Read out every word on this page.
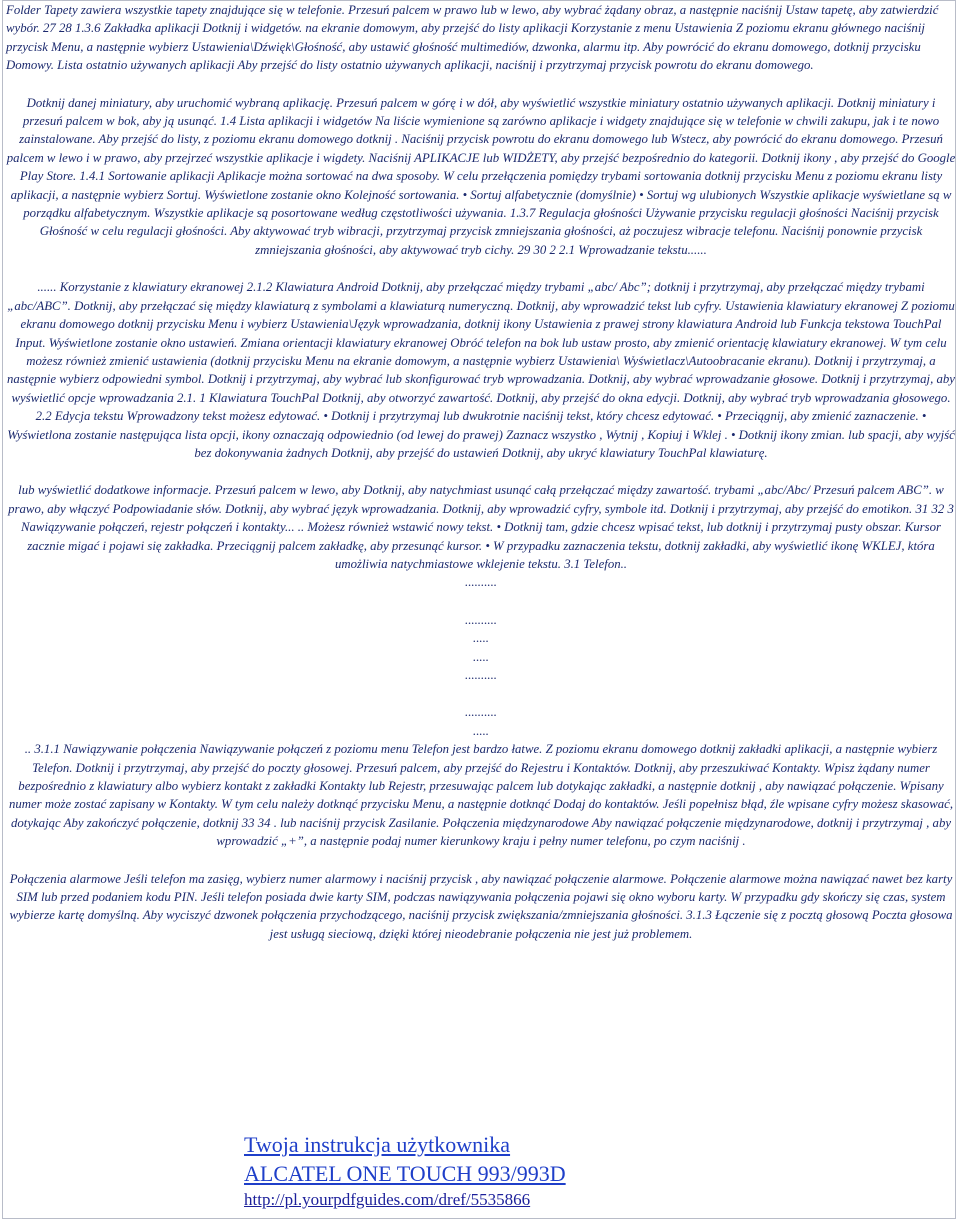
Folder Tapety zawiera wszystkie tapety znajdujące się w telefonie. Przesuń palcem w prawo lub w lewo, aby wybrać żądany obraz, a następnie naciśnij Ustaw tapetę, aby zatwierdzić wybór. 27 28 1.3.6 Zakładka aplikacji Dotknij i widgetów. na ekranie domowym, aby przejść do listy aplikacji Korzystanie z menu Ustawienia Z poziomu ekranu głównego naciśnij przycisk Menu, a następnie wybierz Ustawienia\Dźwięk\Głośność, aby ustawić głośność multimediów, dzwonka, alarmu itp. Aby powrócić do ekranu domowego, dotknij przycisku Domowy. Lista ostatnio używanych aplikacji Aby przejść do listy ostatnio używanych aplikacji, naciśnij i przytrzymaj przycisk powrotu do ekranu domowego.

Dotknij danej miniatury, aby uruchomić wybraną aplikację. Przesuń palcem w górę i w dół, aby wyświetlić wszystkie miniatury ostatnio używanych aplikacji. Dotknij miniatury i przesuń palcem w bok, aby ją usunąć. 1.4 Lista aplikacji i widgetów Na liście wymienione są zarówno aplikacje i widgety znajdujące się w telefonie w chwili zakupu, jak i te nowo zainstalowane. Aby przejść do listy, z poziomu ekranu domowego dotknij . Naciśnij przycisk powrotu do ekranu domowego lub Wstecz, aby powrócić do ekranu domowego. Przesuń palcem w lewo i w prawo, aby przejrzeć wszystkie aplikacje i wigdety. Naciśnij APLIKACJE lub WIDŻETY, aby przejść bezpośrednio do kategorii. Dotknij ikony , aby przejść do Google Play Store. 1.4.1 Sortowanie aplikacji Aplikacje można sortować na dwa sposoby. W celu przełączenia pomiędzy trybami sortowania dotknij przycisku Menu z poziomu ekranu listy aplikacji, a następnie wybierz Sortuj. Wyświetlone zostanie okno Kolejność sortowania. • Sortuj alfabetycznie (domyślnie) • Sortuj wg ulubionych Wszystkie aplikacje wyświetlane są w porządku alfabetycznym. Wszystkie aplikacje są posortowane według częstotliwości używania. 1.3.7 Regulacja głośności Używanie przycisku regulacji głośności Naciśnij przycisk Głośność w celu regulacji głośności. Aby aktywować tryb wibracji, przytrzymaj przycisk zmniejszania głośności, aż poczujesz wibracje telefonu. Naciśnij ponownie przycisk zmniejszania głośności, aby aktywować tryb cichy. 29 30 2 2.1 Wprowadzanie tekstu......

...... Korzystanie z klawiatury ekranowej 2.1.2 Klawiatura Android Dotknij, aby przełączać między trybami „abc/ Abc”; dotknij i przytrzymaj, aby przełączać między trybami „abc/ABC”. Dotknij, aby przełączać się między klawiaturą z symbolami a klawiaturą numeryczną. Dotknij, aby wprowadzić tekst lub cyfry. Ustawienia klawiatury ekranowej Z poziomu ekranu domowego dotknij przycisku Menu i wybierz Ustawienia\Język wprowadzania, dotknij ikony Ustawienia z prawej strony klawiatura Android lub Funkcja tekstowa TouchPal Input. Wyświetlone zostanie okno ustawień. Zmiana orientacji klawiatury ekranowej Obróć telefon na bok lub ustaw prosto, aby zmienić orientację klawiatury ekranowej. W tym celu możesz również zmienić ustawienia (dotknij przycisku Menu na ekranie domowym, a następnie wybierz Ustawienia\ Wyświetlacz\Autoobracanie ekranu). Dotknij i przytrzymaj, a następnie wybierz odpowiedni symbol. Dotknij i przytrzymaj, aby wybrać lub skonfigurować tryb wprowadzania. Dotknij, aby wybrać wprowadzanie głosowe. Dotknij i przytrzymaj, aby wyświetlić opcje wprowadzania 2.1. 1 Klawiatura TouchPal Dotknij, aby otworzyć zawartość. Dotknij, aby przejść do okna edycji. Dotknij, aby wybrać tryb wprowadzania głosowego. 2.2 Edycja tekstu Wprowadzony tekst możesz edytować. • Dotknij i przytrzymaj lub dwukrotnie naciśnij tekst, który chcesz edytować. • Przeciągnij, aby zmienić zaznaczenie. • Wyświetlona zostanie następująca lista opcji, ikony oznaczają odpowiednio (od lewej do prawej) Zaznacz wszystko , Wytnij , Kopiuj i Wklej . • Dotknij ikony zmian. lub spacji, aby wyjść bez dokonywania żadnych Dotknij, aby przejść do ustawień Dotknij, aby ukryć klawiatury TouchPal klawiaturę.

lub wyświetlić dodatkowe informacje. Przesuń palcem w lewo, aby Dotknij, aby natychmiast usunąć całą przełączać między zawartość. trybami „abc/Abc/ Przesuń palcem ABC”. w prawo, aby włączyć Podpowiadanie słów. Dotknij, aby wybrać język wprowadzania. Dotknij, aby wprowadzić cyfry, symbole itd. Dotknij i przytrzymaj, aby przejść do emotikon. 31 32 3 Nawiązywanie połączeń, rejestr połączeń i kontakty... .. Możesz również wstawić nowy tekst. • Dotknij tam, gdzie chcesz wpisać tekst, lub dotknij i przytrzymaj pusty obszar. Kursor zacznie migać i pojawi się zakładka. Przeciągnij palcem zakładkę, aby przesunąć kursor. • W przypadku zaznaczenia tekstu, dotknij zakładki, aby wyświetlić ikonę WKLEJ, która umożliwia natychmiastowe wklejenie tekstu. 3.1 Telefon..

..........

..........

.....

.....

..........

..........

.....

.. 3.1.1 Nawiązywanie połączenia Nawiązywanie połączeń z poziomu menu Telefon jest bardzo łatwe. Z poziomu ekranu domowego dotknij zakładki aplikacji, a następnie wybierz Telefon. Dotknij i przytrzymaj, aby przejść do poczty głosowej. Przesuń palcem, aby przejść do Rejestru i Kontaktów. Dotknij, aby przeszukiwać Kontakty. Wpisz żądany numer bezpośrednio z klawiatury albo wybierz kontakt z zakładki Kontakty lub Rejestr, przesuwając palcem lub dotykając zakładki, a następnie dotknij , aby nawiązać połączenie. Wpisany numer może zostać zapisany w Kontakty. W tym celu należy dotknąć przycisku Menu, a następnie dotknąć Dodaj do kontaktów. Jeśli popełnisz błąd, źle wpisane cyfry możesz skasować, dotykając Aby zakończyć połączenie, dotknij 33 34 . lub naciśnij przycisk Zasilanie. Połączenia międzynarodowe Aby nawiązać połączenie międzynarodowe, dotknij i przytrzymaj , aby wprowadzić „+”, a następnie podaj numer kierunkowy kraju i pełny numer telefonu, po czym naciśnij .

Połączenia alarmowe Jeśli telefon ma zasięg, wybierz numer alarmowy i naciśnij przycisk , aby nawiązać połączenie alarmowe. Połączenie alarmowe można nawiązać nawet bez karty SIM lub przed podaniem kodu PIN. Jeśli telefon posiada dwie karty SIM, podczas nawiązywania połączenia pojawi się okno wyboru karty. W przypadku gdy skończy się czas, system wybierze kartę domyślną. Aby wyciszyć dzwonek połączenia przychodzącego, naciśnij przycisk zwiększania/zmniejszania głośności. 3.1.3 Łączenie się z pocztą głosową Poczta głosowa jest usługą sieciową, dzięki której nieodebranie połączenia nie jest już problemem.

Twoja instrukcja użytkownika
ALCATEL ONE TOUCH 993/993D
http://pl.yourpdfguides.com/dref/5535866
